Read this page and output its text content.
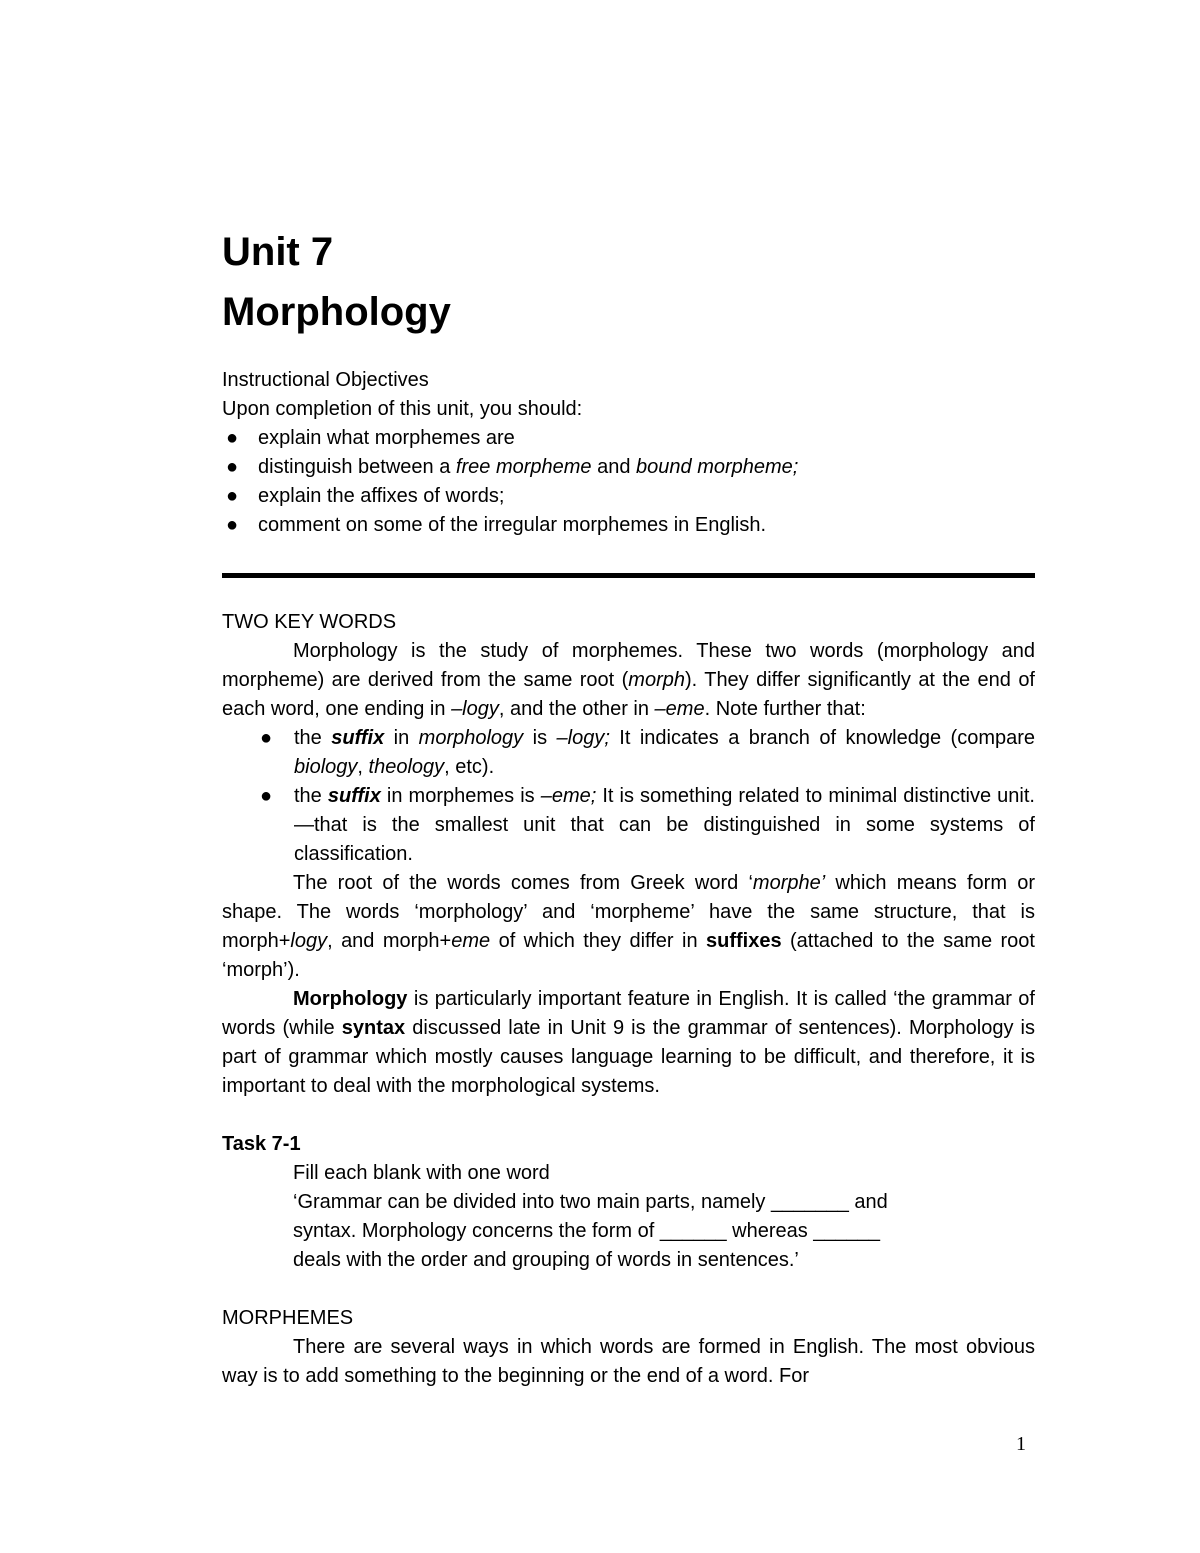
Unit 7
Morphology
Instructional Objectives
Upon completion of this unit, you should:
● explain what morphemes are
● distinguish between a free morpheme and bound morpheme;
● explain the affixes of words;
● comment on some of the irregular morphemes in English.
TWO KEY WORDS

Morphology is the study of morphemes. These two words (morphology and morpheme) are derived from the same root (morph). They differ significantly at the end of each word, one ending in –logy, and the other in –eme. Note further that:

● the suffix in morphology is –logy; It indicates a branch of knowledge (compare biology, theology, etc).
● the suffix in morphemes is –eme; It is something related to minimal distinctive unit.—that is the smallest unit that can be distinguished in some systems of classification.

The root of the words comes from Greek word ‘morphe’ which means form or shape. The words ‘morphology’ and ‘morpheme’ have the same structure, that is morph+logy, and morph+eme of which they differ in suffixes (attached to the same root ‘morph’).

Morphology is particularly important feature in English. It is called ‘the grammar of words (while syntax discussed late in Unit 9 is the grammar of sentences). Morphology is part of grammar which mostly causes language learning to be difficult, and therefore, it is important to deal with the morphological systems.

Task 7-1
Fill each blank with one word
‘Grammar can be divided into two main parts, namely _______ and
syntax. Morphology concerns the form of ______ whereas ______
deals with the order and grouping of words in sentences.’
MORPHEMES

There are several ways in which words are formed in English. The most obvious way is to add something to the beginning or the end of a word. For

1
